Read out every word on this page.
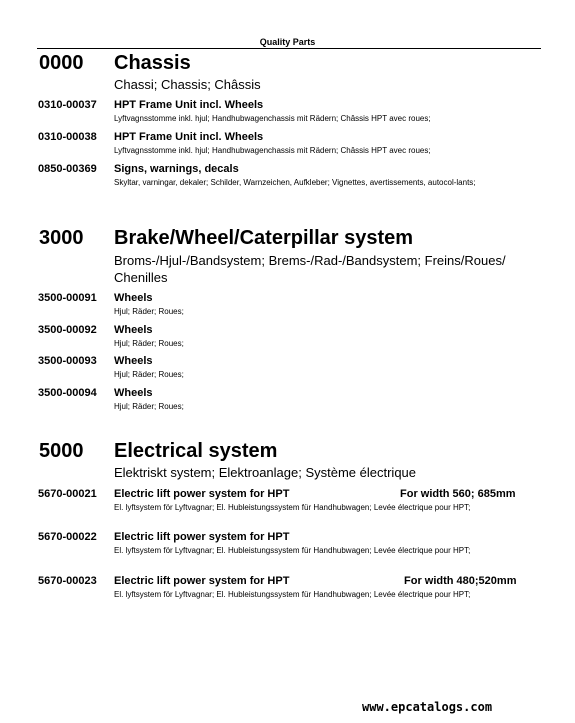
Quality Parts
0000 Chassis
Chassi; Chassis; Châssis
0310-00037 HPT Frame Unit incl. Wheels
Lyftvagnsstomme inkl. hjul; Handhubwagenchassis mit Rädern; Châssis HPT avec roues;
0310-00038 HPT Frame Unit incl. Wheels
Lyftvagnsstomme inkl. hjul; Handhubwagenchassis mit Rädern; Châssis HPT avec roues;
0850-00369 Signs, warnings, decals
Skyltar, varningar, dekaler; Schilder, Warnzeichen, Aufkleber; Vignettes, avertissements, autocol-lants;
3000 Brake/Wheel/Caterpillar system
Broms-/Hjul-/Bandsystem; Brems-/Rad-/Bandsystem; Freins/Roues/ Chenilles
3500-00091 Wheels
Hjul; Räder; Roues;
3500-00092 Wheels
Hjul; Räder; Roues;
3500-00093 Wheels
Hjul; Räder; Roues;
3500-00094 Wheels
Hjul; Räder; Roues;
5000 Electrical system
Elektriskt system; Elektroanlage; Système électrique
5670-00021 Electric lift power system for HPT	For width 560; 685mm
El. lyftsystem för Lyftvagnar; El. Hubleistungssystem für Handhubwagen; Levée électrique pour HPT;
5670-00022 Electric lift power system for HPT
El. lyftsystem för Lyftvagnar; El. Hubleistungssystem für Handhubwagen; Levée électrique pour HPT;
5670-00023 Electric lift power system for HPT	For width 480;520mm
El. lyftsystem för Lyftvagnar; El. Hubleistungssystem für Handhubwagen; Levée électrique pour HPT;
www.epcatalogs.com
